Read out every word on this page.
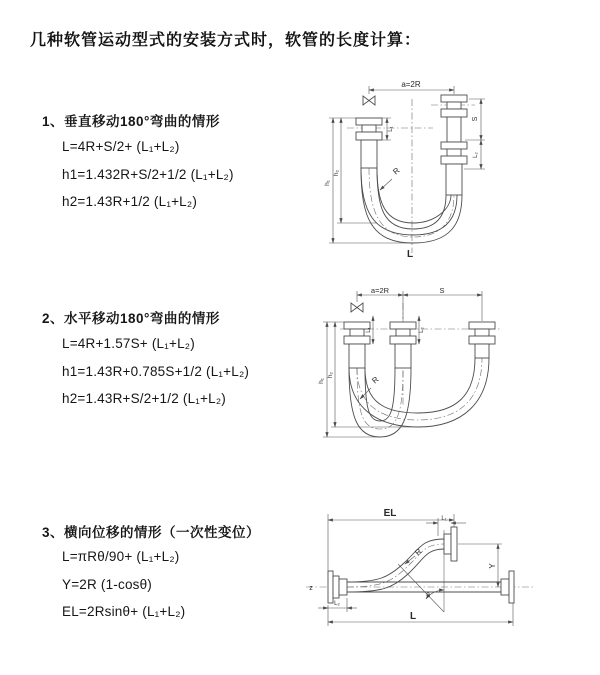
几种软管运动型式的安装方式时，软管的长度计算：
1、垂直移动180°弯曲的情形
L=4R+S/2+ (L₁+L₂)
h1=1.432R+S/2+1/2 (L₁+L₂)
h2=1.43R+1/2 (L₁+L₂)
2、水平移动180°弯曲的情形
L=4R+1.57S+ (L₁+L₂)
h1=1.43R+0.785S+1/2 (L₁+L₂)
h2=1.43R+S/2+1/2 (L₁+L₂)
3、横向位移的情形（一次性变位）
L=πRθ/90+ (L₁+L₂)
Y=2R (1-cosθ)
EL=2Rsinθ+ (L₁+L₂)
a=2R
h₁
h₂
L₁
S
L₂
R
L
a=2R	S
h₁
h₂
L₁	L₂
R
θ
EL	L₁
Y
L
L₂
R
z
